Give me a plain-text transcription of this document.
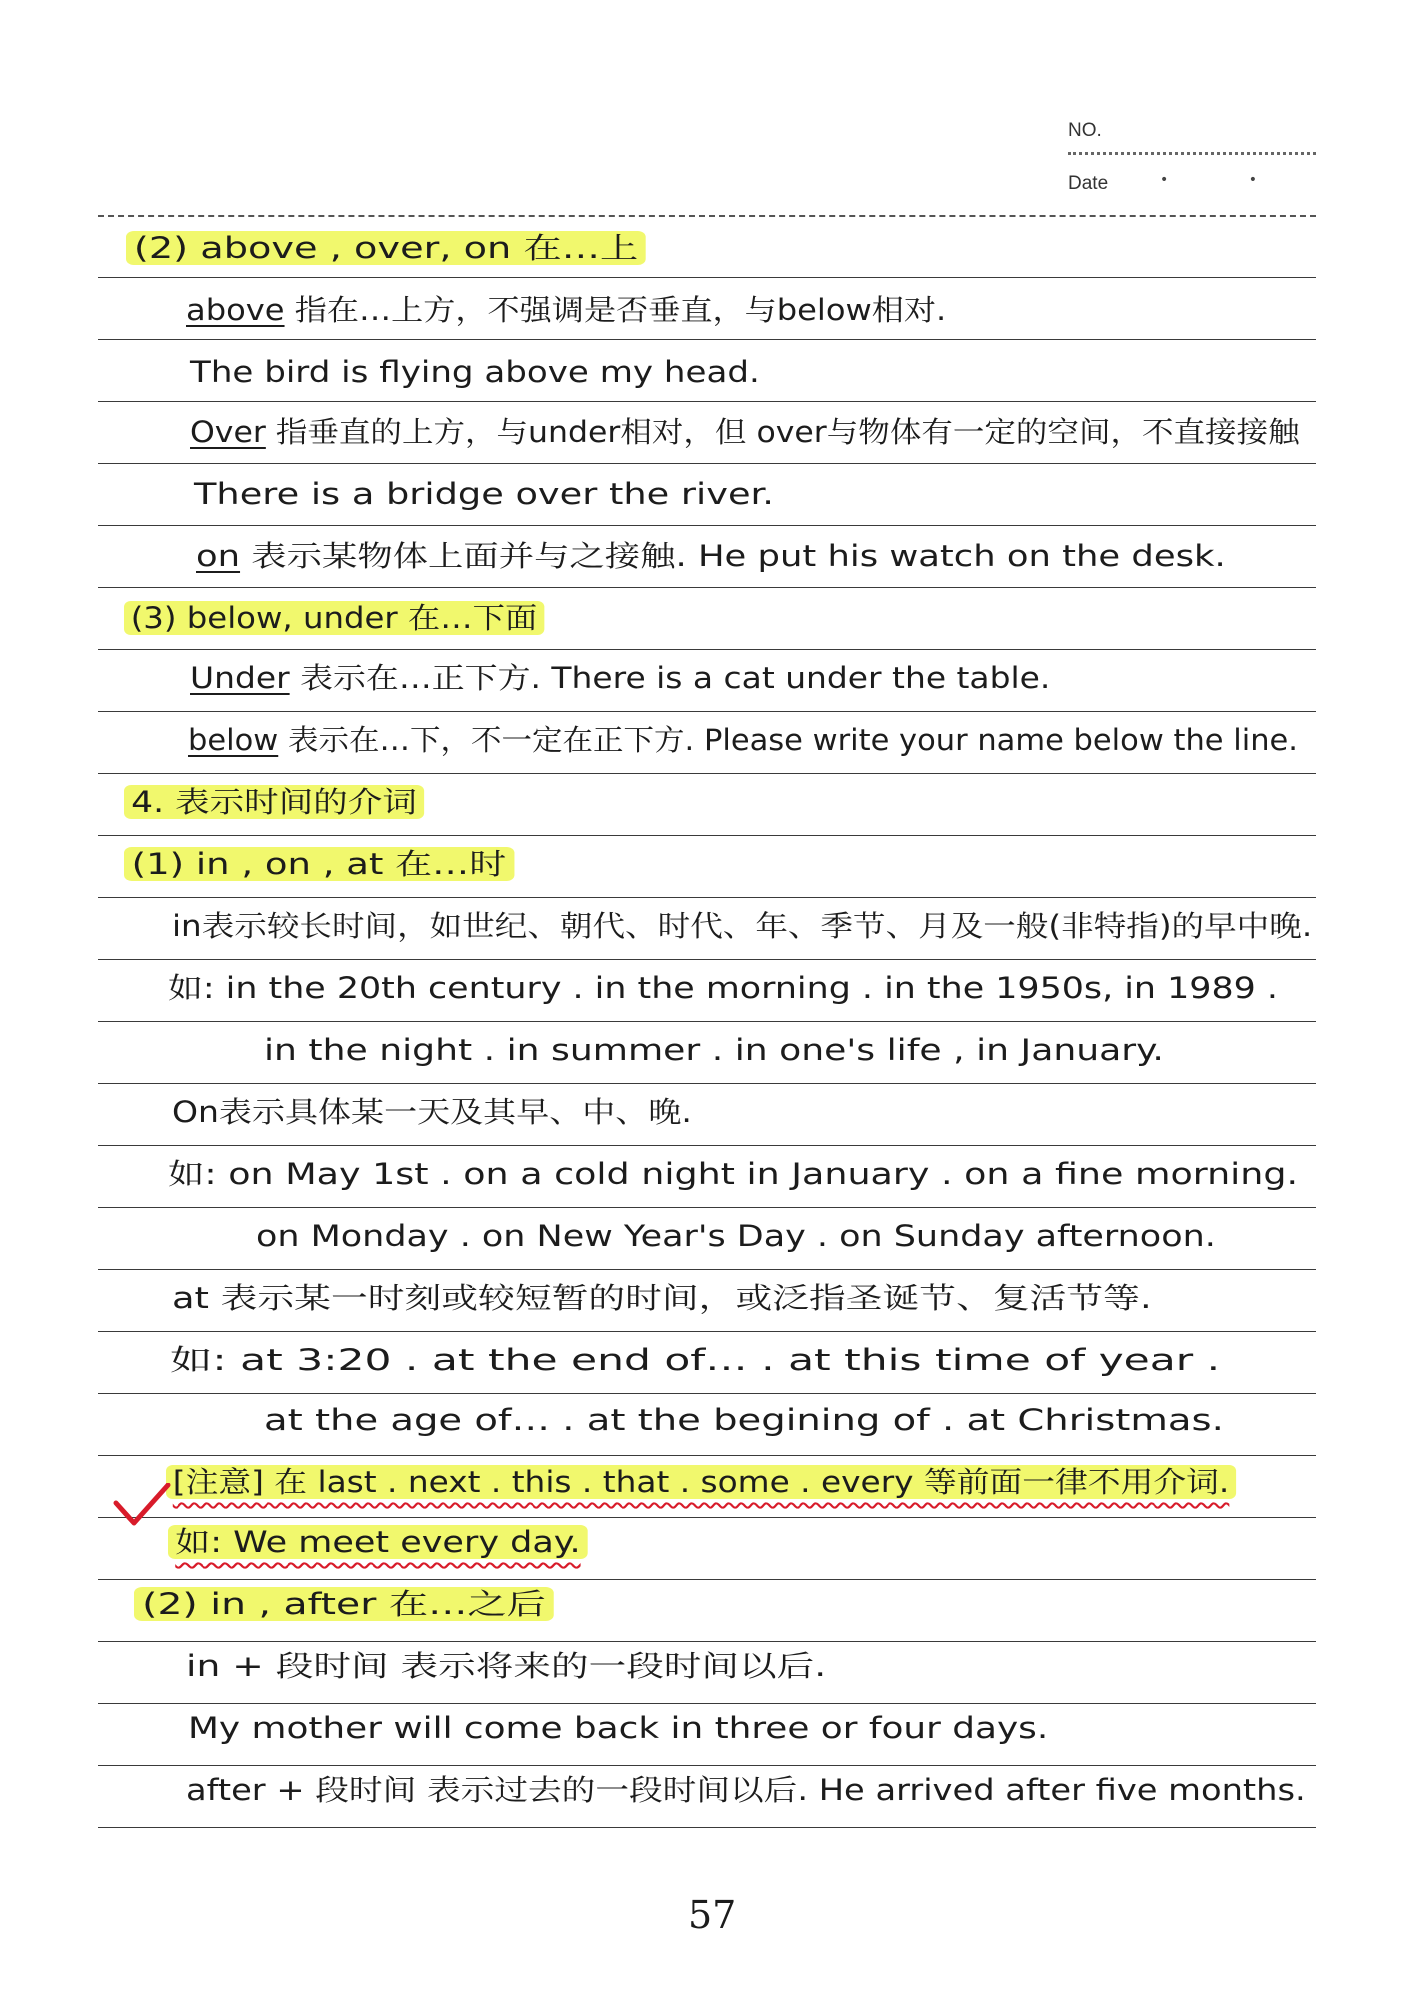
NO.
Date	• •
(2) above , over, on 在…上
above 指在…上方，不强调是否垂直，与below相对.
The bird is flying above my head.
Over 指垂直的上方，与under相对，但 over与物体有一定的空间，不直接接触
There is a bridge over the river.
on 表示某物体上面并与之接触. He put his watch on the desk.
(3) below, under 在…下面
Under 表示在…正下方. There is a cat under the table.
below 表示在…下，不一定在正下方. Please write your name below the line.
4. 表示时间的介词
(1) in , on , at 在…时
in表示较长时间，如世纪、朝代、时代、年、季节、月及一般(非特指)的早中晚.
如: in the 20th century . in the morning . in the 1950s, in 1989 .
in the night . in summer . in one's life , in January.
On表示具体某一天及其早、中、晚.
如: on May 1st . on a cold night in January . on a fine morning.
on Monday . on New Year's Day . on Sunday afternoon.
at 表示某一时刻或较短暂的时间，或泛指圣诞节、复活节等.
如: at 3:20 . at the end of… . at this time of year .
at the age of… . at the begining of . at Christmas.
[注意] 在 last . next . this . that . some . every 等前面一律不用介词.
如: We meet every day.
(2) in , after 在…之后
in + 段时间 表示将来的一段时间以后.
My mother will come back in three or four days.
after + 段时间 表示过去的一段时间以后. He arrived after five months.
57
